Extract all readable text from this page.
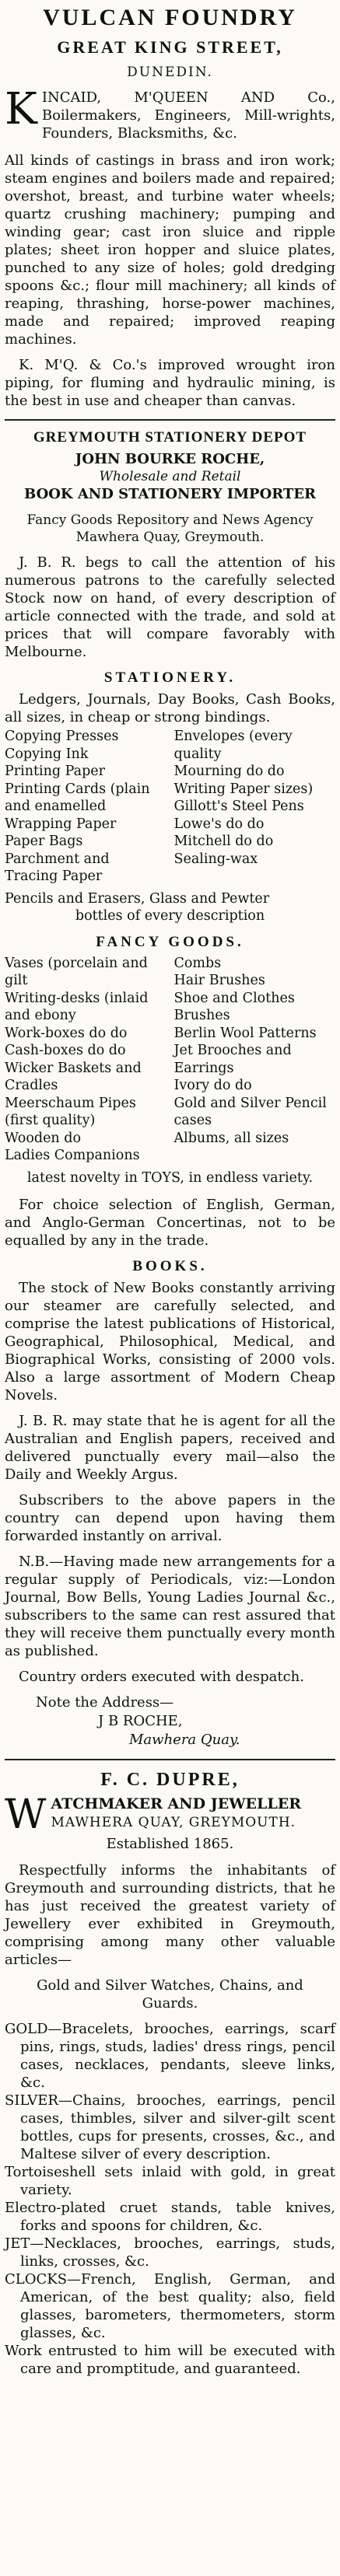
VULCAN FOUNDRY
GREAT KING STREET,
DUNEDIN.
K INCAID, M'QUEEN AND Co., Boilermakers, Engineers, Mill-wrights, Founders, Blacksmiths, &c.

All kinds of castings in brass and iron work; steam engines and boilers made and repaired; overshot, breast, and turbine water wheels; quartz crushing machinery; pumping and winding gear; cast iron sluice and ripple plates; sheet iron hopper and sluice plates, punched to any size of holes; gold dredging spoons &c.; flour mill machinery; all kinds of reaping, thrashing, horse-power machines, made and repaired; improved reaping machines.

K. M'Q. & Co.'s improved wrought iron piping, for fluming and hydraulic mining, is the best in use and cheaper than canvas.

GREYMOUTH STATIONERY DEPOT
JOHN BOURKE ROCHE,
Wholesale and Retail
BOOK AND STATIONERY IMPORTER
Fancy Goods Repository and News Agency
Mawhera Quay, Greymouth.

J. B. R. begs to call the attention of his numerous patrons to the carefully selected Stock now on hand, of every description of article connected with the trade, and sold at prices that will compare favorably with Melbourne.

STATIONERY.

Ledgers, Journals, Day Books, Cash Books, all sizes, in cheap or strong bindings.

Copying Presses
Copying Ink
Printing Paper
Printing Cards (plain and enamelled
Wrapping Paper
Paper Bags
Parchment and Tracing Paper
Envelopes (every quality
Mourning do do
Writing Paper sizes)
Gillott's Steel Pens
Lowe's do do
Mitchell do do
Sealing-wax
Pencils and Erasers, Glass and Pewter
bottles of every description
FANCY GOODS.
Vases (porcelain and gilt
Writing-desks (inlaid and ebony
Work-boxes do do
Cash-boxes do do
Wicker Baskets and Cradles
Meerschaum Pipes (first quality)
Wooden do
Ladies Companions
Combs
Hair Brushes
Shoe and Clothes Brushes
Berlin Wool Patterns
Jet Brooches and Earrings
Ivory do do
Gold and Silver Pencil cases
Albums, all sizes
latest novelty in TOYS, in endless variety.

For choice selection of English, German, and Anglo-German Concertinas, not to be equalled by any in the trade.

BOOKS.

The stock of New Books constantly arriving our steamer are carefully selected, and comprise the latest publications of Historical, Geographical, Philosophical, Medical, and Biographical Works, consisting of 2000 vols. Also a large assortment of Modern Cheap Novels.

J. B. R. may state that he is agent for all the Australian and English papers, received and delivered punctually every mail—also the Daily and Weekly Argus.

Subscribers to the above papers in the country can depend upon having them forwarded instantly on arrival.

N.B.—Having made new arrangements for a regular supply of Periodicals, viz:—London Journal, Bow Bells, Young Ladies Journal &c., subscribers to the same can rest assured that they will receive them punctually every month as published.

Country orders executed with despatch.

Note the Address—
J B ROCHE,
Mawhera Quay.
F. C. DUPRE,
W ATCHMAKER AND JEWELLER
MAWHERA QUAY, GREYMOUTH.
Established 1865.

Respectfully informs the inhabitants of Greymouth and surrounding districts, that he has just received the greatest variety of Jewellery ever exhibited in Greymouth, comprising among many other valuable articles—

Gold and Silver Watches, Chains, and Guards.

GOLD—Bracelets, brooches, earrings, scarf pins, rings, studs, ladies' dress rings, pencil cases, necklaces, pendants, sleeve links, &c.

SILVER—Chains, brooches, earrings, pencil cases, thimbles, silver and silver-gilt scent bottles, cups for presents, crosses, &c., and Maltese silver of every description.

Tortoiseshell sets inlaid with gold, in great variety.

Electro-plated cruet stands, table knives, forks and spoons for children, &c.

JET—Necklaces, brooches, earrings, studs, links, crosses, &c.

CLOCKS—French, English, German, and American, of the best quality; also, field glasses, barometers, thermometers, storm glasses, &c.

Work entrusted to him will be executed with care and promptitude, and guaranteed.
